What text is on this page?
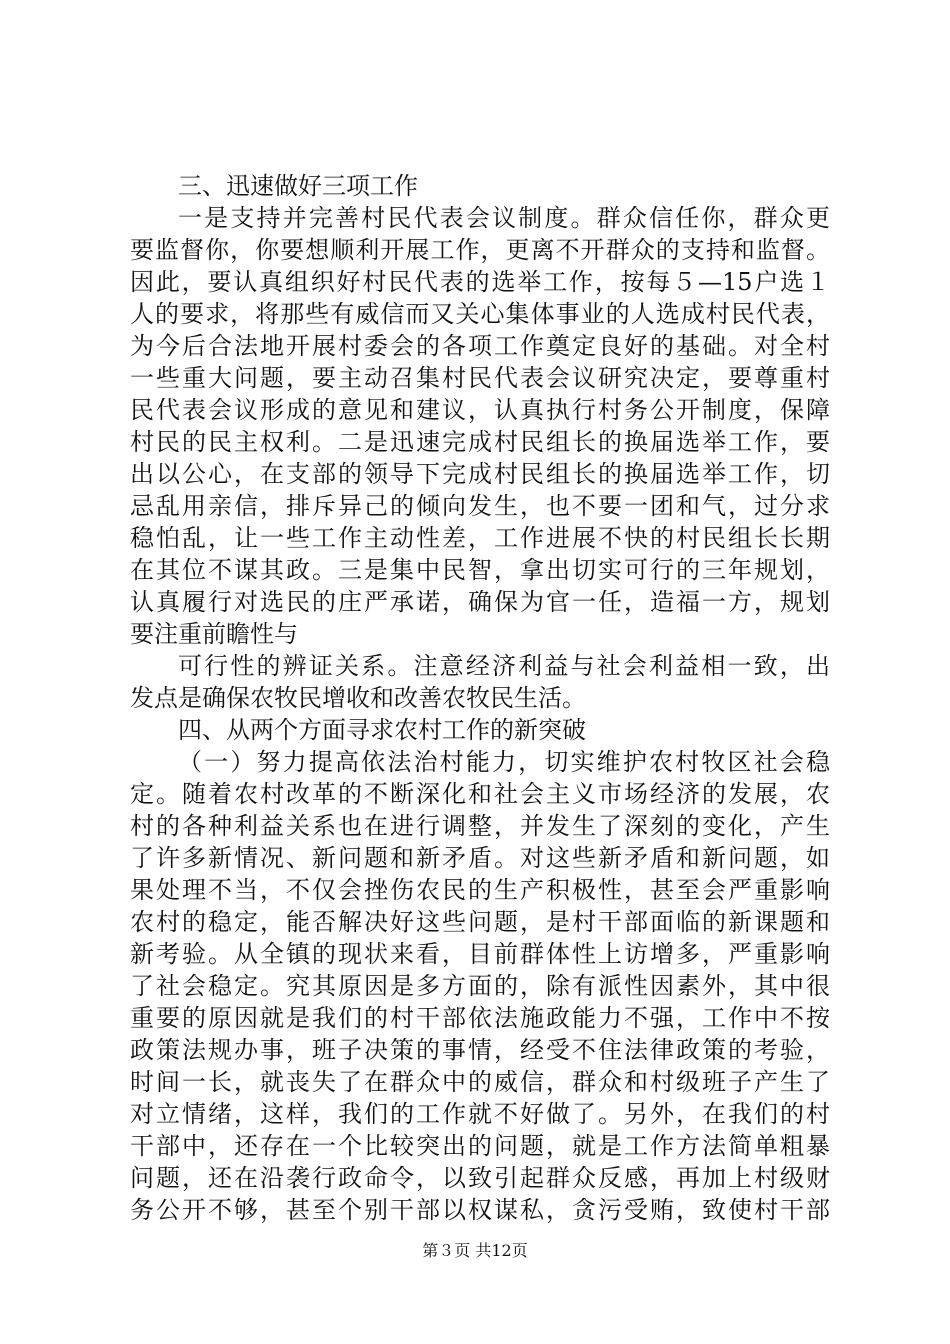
三、迅速做好三项工作
一是支持并完善村民代表会议制度。群众信任你，群众更
要监督你，你要想顺利开展工作，更离不开群众的支持和监督。
因此，要认真组织好村民代表的选举工作，按每５—15户选１
人的要求，将那些有威信而又关心集体事业的人选成村民代表，
为今后合法地开展村委会的各项工作奠定良好的基础。对全村
一些重大问题，要主动召集村民代表会议研究决定，要尊重村
民代表会议形成的意见和建议，认真执行村务公开制度，保障
村民的民主权利。二是迅速完成村民组长的换届选举工作，要
出以公心，在支部的领导下完成村民组长的换届选举工作，切
忌乱用亲信，排斥异己的倾向发生，也不要一团和气，过分求
稳怕乱，让一些工作主动性差，工作进展不快的村民组长长期
在其位不谋其政。三是集中民智，拿出切实可行的三年规划，
认真履行对选民的庄严承诺，确保为官一任，造福一方，规划
要注重前瞻性与
可行性的辨证关系。注意经济利益与社会利益相一致，出
发点是确保农牧民增收和改善农牧民生活。
四、从两个方面寻求农村工作的新突破
（一）努力提高依法治村能力，切实维护农村牧区社会稳
定。随着农村改革的不断深化和社会主义市场经济的发展，农
村的各种利益关系也在进行调整，并发生了深刻的变化，产生
了许多新情况、新问题和新矛盾。对这些新矛盾和新问题，如
果处理不当，不仅会挫伤农民的生产积极性，甚至会严重影响
农村的稳定，能否解决好这些问题，是村干部面临的新课题和
新考验。从全镇的现状来看，目前群体性上访增多，严重影响
了社会稳定。究其原因是多方面的，除有派性因素外，其中很
重要的原因就是我们的村干部依法施政能力不强，工作中不按
政策法规办事，班子决策的事情，经受不住法律政策的考验，
时间一长，就丧失了在群众中的威信，群众和村级班子产生了
对立情绪，这样，我们的工作就不好做了。另外，在我们的村
干部中，还存在一个比较突出的问题，就是工作方法简单粗暴
问题，还在沿袭行政命令，以致引起群众反感，再加上村级财
务公开不够，甚至个别干部以权谋私，贪污受贿，致使村干部
第３页 共12页
